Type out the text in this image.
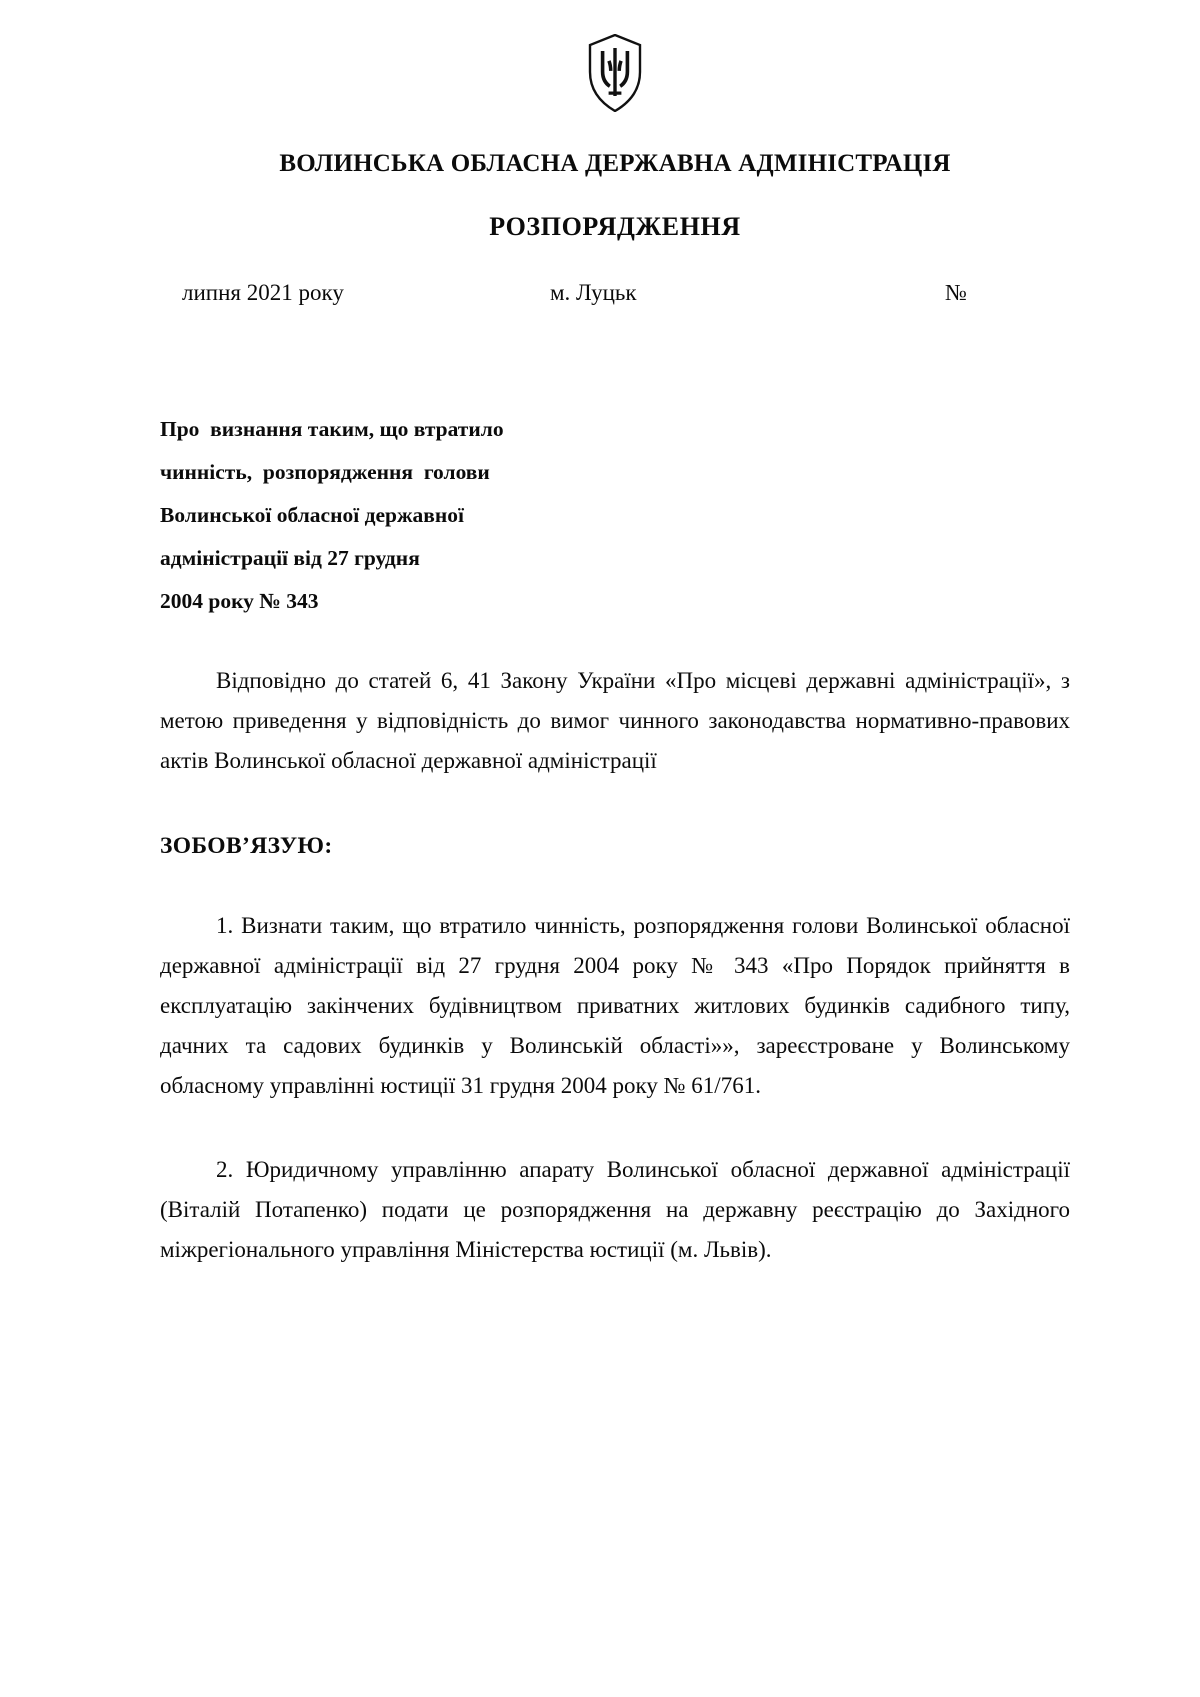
ВОЛИНСЬКА ОБЛАСНА ДЕРЖАВНА АДМІНІСТРАЦІЯ
РОЗПОРЯДЖЕННЯ
липня 2021 року	м. Луцьк	№
Про  визнання таким, що втратило
чинність,  розпорядження  голови
Волинської обласної державної
адміністрації від 27 грудня
2004 року № 343
Відповідно до статей 6, 41 Закону України «Про місцеві державні адміністрації», з метою приведення у відповідність до вимог чинного законодавства нормативно-правових актів Волинської обласної державної адміністрації
ЗОБОВ’ЯЗУЮ:
1. Визнати таким, що втратило чинність, розпорядження голови Волинської обласної державної адміністрації від 27 грудня 2004 року № 343 «Про Порядок прийняття в експлуатацію закінчених будівництвом приватних житлових будинків садибного типу, дачних та садових будинків у Волинській області»», зареєстроване у Волинському обласному управлінні юстиції 31 грудня 2004 року № 61/761.
2. Юридичному управлінню апарату Волинської обласної державної адміністрації (Віталій Потапенко) подати це розпорядження на державну реєстрацію до Західного міжрегіонального управління Міністерства юстиції (м. Львів).
